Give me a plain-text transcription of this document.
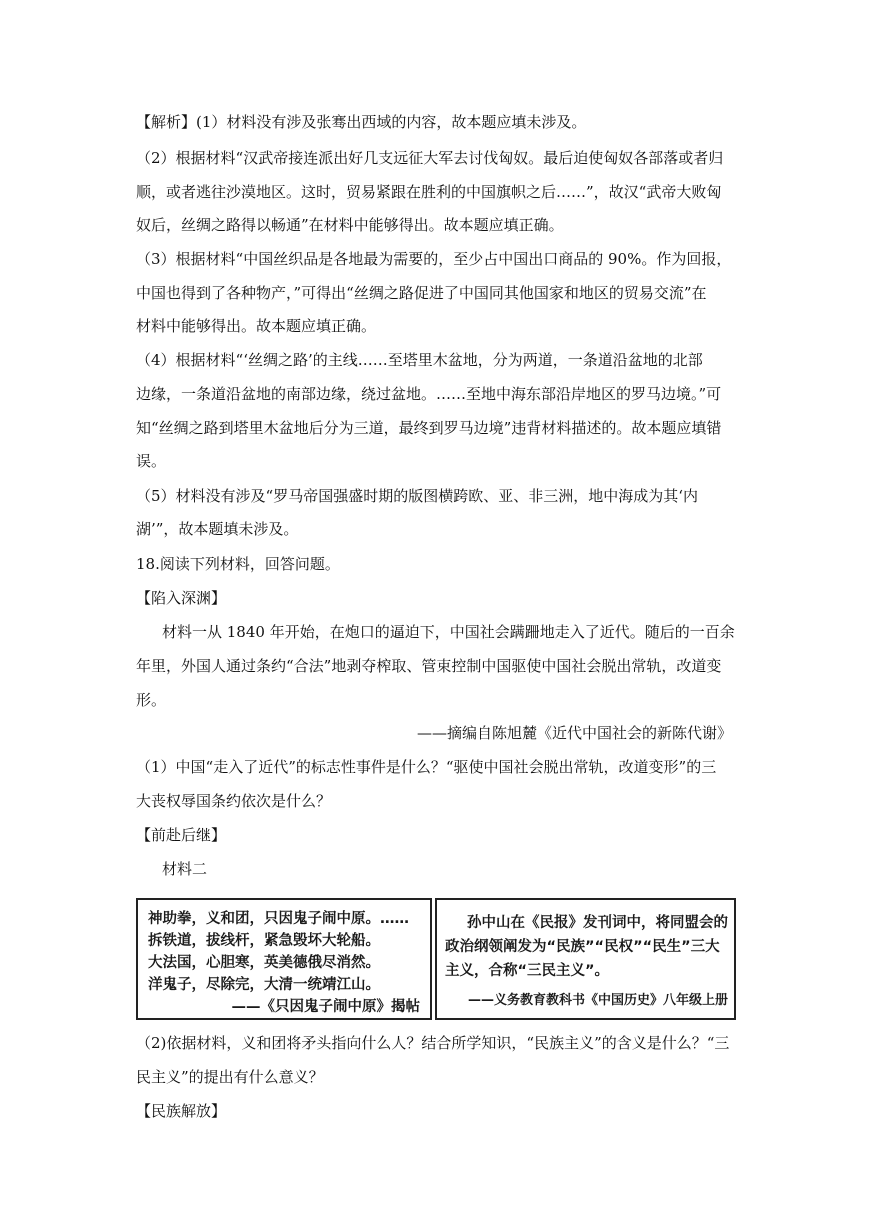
【解析】(1）材料没有涉及张骞出西域的内容，故本题应填未涉及。
（2）根据材料“汉武帝接连派出好几支远征大军去讨伐匈奴。最后迫使匈奴各部落或者归
顺，或者逃往沙漠地区。这时，贸易紧跟在胜利的中国旗帜之后……”，故汉“武帝大败匈
奴后，丝绸之路得以畅通”在材料中能够得出。故本题应填正确。
（3）根据材料“中国丝织品是各地最为需要的，至少占中国出口商品的 90%。作为回报，
中国也得到了各种物产，”可得出“丝绸之路促进了中国同其他国家和地区的贸易交流”在
材料中能够得出。故本题应填正确。
（4）根据材料“‘丝绸之路’的主线……至塔里木盆地，分为两道，一条道沿盆地的北部
边缘，一条道沿盆地的南部边缘，绕过盆地。……至地中海东部沿岸地区的罗马边境。”可
知“丝绸之路到塔里木盆地后分为三道，最终到罗马边境”违背材料描述的。故本题应填错
误。
（5）材料没有涉及“罗马帝国强盛时期的版图横跨欧、亚、非三洲，地中海成为其‘内
湖’”，故本题填未涉及。
18.阅读下列材料，回答问题。
【陷入深渊】
材料一从 1840 年开始，在炮口的逼迫下，中国社会蹒跚地走入了近代。随后的一百余
年里，外国人通过条约“合法”地剥夺榨取、管束控制中国驱使中国社会脱出常轨，改道变
形。
——摘编自陈旭麓《近代中国社会的新陈代谢》
（1）中国“走入了近代”的标志性事件是什么？“驱使中国社会脱出常轨，改道变形”的三
大丧权辱国条约依次是什么？
【前赴后继】
材料二
神助拳，义和团，只因鬼子闹中原。……
拆铁道，拔线杆，紧急毁坏大轮船。
大法国，心胆寒，英美德俄尽消然。
洋鬼子，尽除完，大清一统靖江山。
——《只因鬼子闹中原》揭帖
孙中山在《民报》发刊词中，将同盟会的
政治纲领阐发为“民族”“民权”“民生”三大
主义，合称“三民主义”。
——义务教育教科书《中国历史》八年级上册
（2)依据材料，义和团将矛头指向什么人？结合所学知识，“民族主义”的含义是什么？“三
民主义”的提出有什么意义？
【民族解放】
